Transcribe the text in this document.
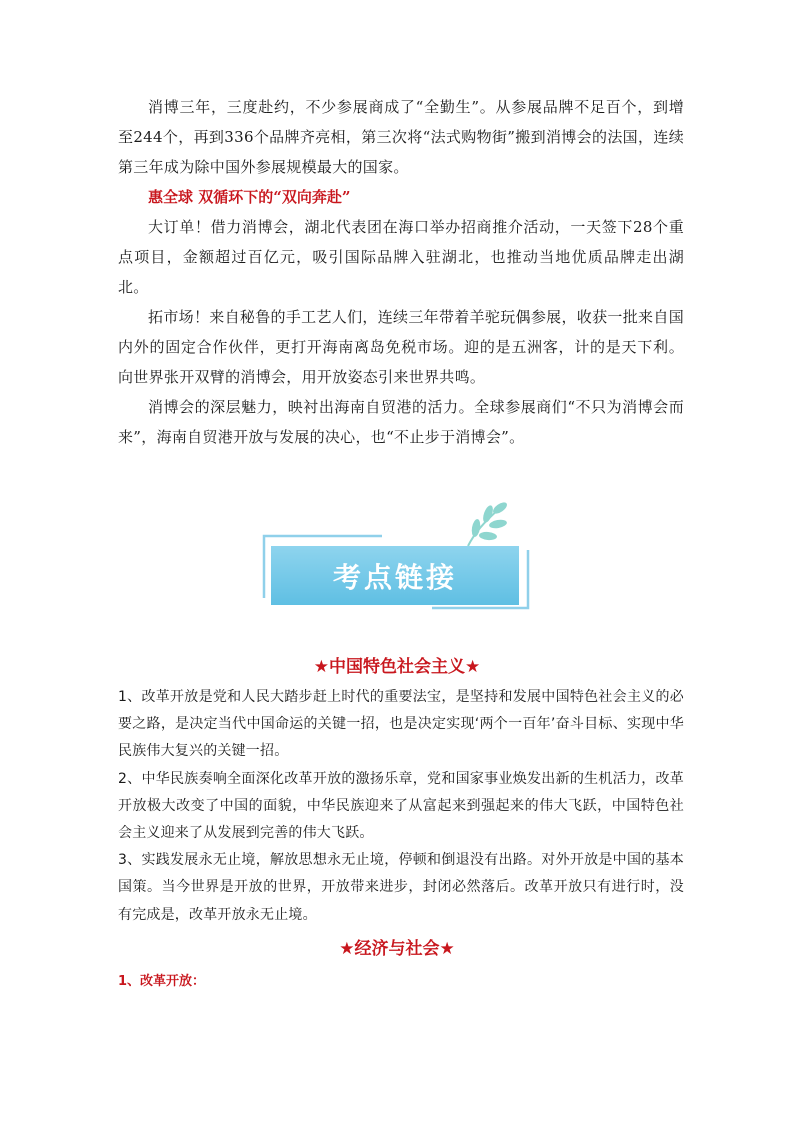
消博三年，三度赴约，不少参展商成了“全勤生”。从参展品牌不足百个，到增至244个，再到336个品牌齐亮相，第三次将“法式购物街”搬到消博会的法国，连续第三年成为除中国外参展规模最大的国家。

惠全球 双循环下的“双向奔赴”

大订单！借力消博会，湖北代表团在海口举办招商推介活动，一天签下28个重点项目，金额超过百亿元，吸引国际品牌入驻湖北，也推动当地优质品牌走出湖北。

拓市场！来自秘鲁的手工艺人们，连续三年带着羊驼玩偶参展，收获一批来自国内外的固定合作伙伴，更打开海南离岛免税市场。迎的是五洲客，计的是天下利。向世界张开双臂的消博会，用开放姿态引来世界共鸣。

消博会的深层魅力，映衬出海南自贸港的活力。全球参展商们“不只为消博会而来”，海南自贸港开放与发展的决心，也“不止步于消博会”。

考点链接
★中国特色社会主义★

1、改革开放是党和人民大踏步赶上时代的重要法宝，是坚持和发展中国特色社会主义的必要之路，是决定当代中国命运的关键一招，也是决定实现‘两个一百年’奋斗目标、实现中华民族伟大复兴的关键一招。

2、中华民族奏响全面深化改革开放的激扬乐章，党和国家事业焕发出新的生机活力，改革开放极大改变了中国的面貌，中华民族迎来了从富起来到强起来的伟大飞跃，中国特色社会主义迎来了从发展到完善的伟大飞跃。

3、实践发展永无止境，解放思想永无止境，停顿和倒退没有出路。对外开放是中国的基本国策。当今世界是开放的世界，开放带来进步，封闭必然落后。改革开放只有进行时，没有完成是，改革开放永无止境。

★经济与社会★
1、改革开放：
